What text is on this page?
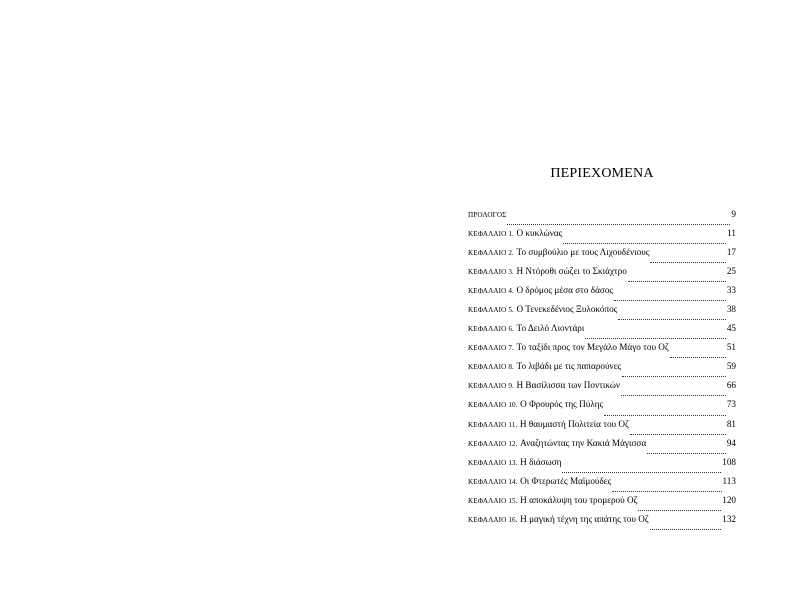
ΠΕΡΙΕΧΟΜΕΝΑ
ΠΡΟΛΟΓΟΣ	9
ΚΕΦΑΛΑΙΟ 1. Ο κυκλώνας	11
ΚΕΦΑΛΑΙΟ 2. Το συμβούλιο με τους Λιχουδένιους	17
ΚΕΦΑΛΑΙΟ 3. Η Ντόροθι σώζει το Σκιάχτρο	25
ΚΕΦΑΛΑΙΟ 4. Ο δρόμος μέσα στο δάσος	33
ΚΕΦΑΛΑΙΟ 5. Ο Τενεκεδένιος Ξυλοκόπος	38
ΚΕΦΑΛΑΙΟ 6. Το Δειλό Λιοντάρι	45
ΚΕΦΑΛΑΙΟ 7. Το ταξίδι προς τον Μεγάλο Μάγο του Οζ	51
ΚΕΦΑΛΑΙΟ 8. Το λιβάδι με τις παπαρούνες	59
ΚΕΦΑΛΑΙΟ 9. Η Βασίλισσα των Ποντικών	66
ΚΕΦΑΛΑΙΟ 10. Ο Φρουρός της Πύλης	73
ΚΕΦΑΛΑΙΟ 11. Η θαυμαστή Πολιτεία του Οζ	81
ΚΕΦΑΛΑΙΟ 12. Αναζητώντας την Κακιά Μάγισσα	94
ΚΕΦΑΛΑΙΟ 13. Η διάσωση	108
ΚΕΦΑΛΑΙΟ 14. Οι Φτερωτές Μαϊμούδες	113
ΚΕΦΑΛΑΙΟ 15. Η αποκάλυψη του τρομερού Οζ	120
ΚΕΦΑΛΑΙΟ 16. Η μαγική τέχνη της απάτης του Οζ	132
